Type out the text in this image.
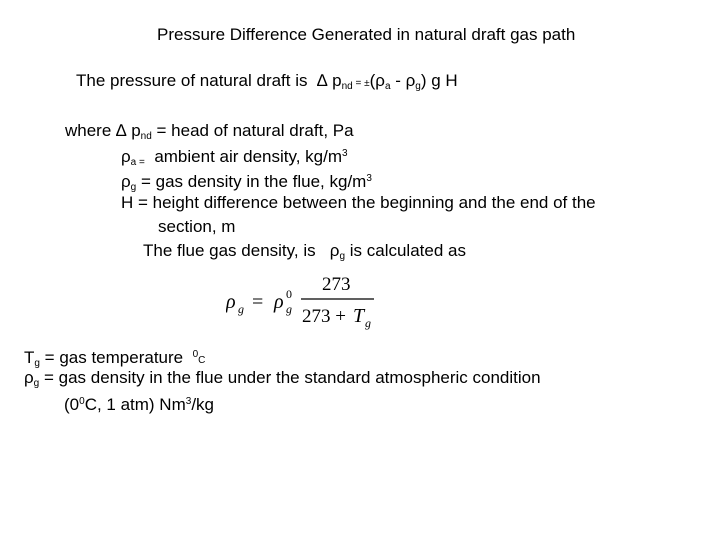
Pressure Difference Generated in natural draft gas path
The pressure of natural draft is ∆ $p_{nd} = \pm(\rho_a - \rho_g)$ g H
where ∆ $p_{nd}$ = head of natural draft, Pa
$\rho_{a =}$ ambient air density, $kg/m^3$
$\rho_g$ = gas density in the flue, $kg/m^3$
H = height difference between the beginning and the end of the
section, m
The flue gas density, is $\rho_g$ is calculated as
ρ g = ρ 0
g
273
273 + T g
$T_g$ = gas temperature $^0$C
$\rho_g$ = gas density in the flue under the standard atmospheric condition
($0^0C$, 1 atm) Nm$^3$/kg
